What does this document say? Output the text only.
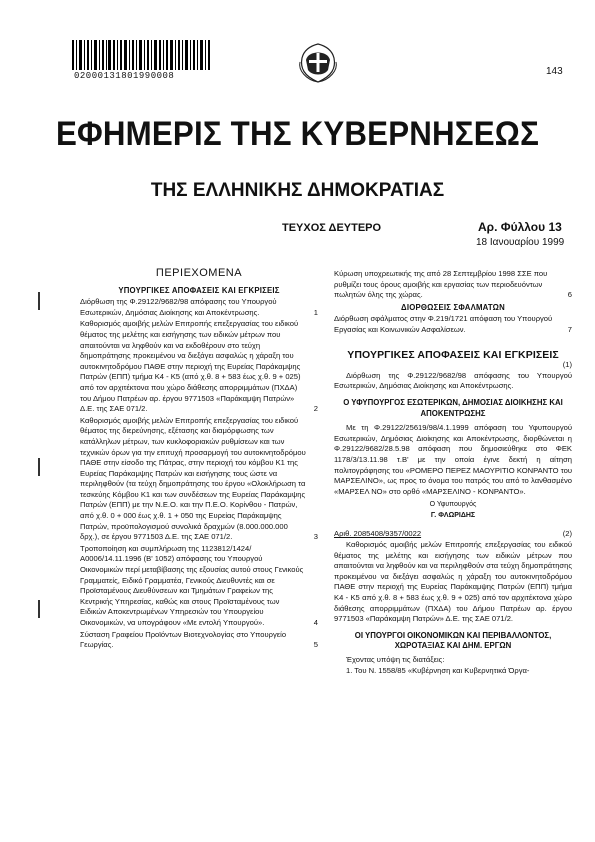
02000131801990008	143
ΕΦΗΜΕΡΙΣ ΤΗΣ ΚΥΒΕΡΝΗΣΕΩΣ
ΤΗΣ ΕΛΛΗΝΙΚΗΣ ΔΗΜΟΚΡΑΤΙΑΣ
ΤΕΥΧΟΣ ΔΕΥΤΕΡΟ	Αρ. Φύλλου 13
18 Ιανουαρίου 1999
ΠΕΡΙΕΧΟΜΕΝΑ
ΥΠΟΥΡΓΙΚΕΣ ΑΠΟΦΑΣΕΙΣ ΚΑΙ ΕΓΚΡΙΣΕΙΣ
Διόρθωση της Φ.29122/9682/98 απόφασης του Υπουργού Εσωτερικών, Δημόσιας Διοίκησης και Αποκέντρωσης.	1
Καθορισμός αμοιβής μελών Επιτροπής επεξεργασίας του ειδικού θέματος της μελέτης και εισήγησης των ειδικών μέτρων που απαιτούνται να ληφθούν και να εκδοθέρουν στο τεύχη δημοπράτησης προκειμένου να διεξάγει ασφαλώς η χάραξη του αυτοκινητοδρόμου ΠΑΘΕ στην περιοχή της Ευρείας Παράκαμψης Πατρών (ΕΠΠ) τμήμα Κ4 - Κ5 (από χ.θ. 8 + 583 έως χ.θ. 9 + 025) από τον αρχιτέκτονα που χώρο διάθεσης απορριμμάτων (ΠΧΔΑ) του Δήμου Πατρέων αρ. έργου 9771503 «Παράκαμψη Πατρών» Δ.Ε. της ΣΑΕ 071/2.	2
Καθορισμός αμοιβής μελών Επιτροπής επεξεργασίας του ειδικού θέματος της διερεύνησης, εξέτασης και διαμόρφωσης των κατάλληλων μέτρων, των κυκλοφοριακών ρυθμίσεων και των τεχνικών όρων για την επιτυχή προσαρμογή του αυτοκινητοδρόμου ΠΑΘΕ στην είσοδο της Πάτρας, στην περιοχή του κόμβου Κ1 της Ευρείας Παράκαμψης Πατρών και εισήγησης τους ώστε να περιληφθούν (τα τεύχη δημοπράτησης του έργου «Ολοκλήρωση τα τεσκεύης Κόμβου Κ1 και των συνδέσεων της Ευρείας Παράκαμψης Πατρών (ΕΠΠ) με την Ν.Ε.Ο. και την Π.Ε.Ο. Κορίνθου - Πατρών, από χ.θ. 0 + 000 έως χ.θ. 1 + 050 της Ευρείας Παράκαμψης Πατρών, προϋπολογισμού συνολικά δραχμών (8.000.000.000 δρχ.), σε έργου 9771503 Δ.Ε. της ΣΑΕ 071/2.	3
Τροποποίηση και συμπλήρωση της 1123812/1424/Α0006/14.11.1996 (Β' 1052) απόφασης του Υπουργού Οικονομικών περί μεταβίβασης της εξουσίας αυτού στους Γενικούς Γραμματείς, Ειδικό Γραμματέα, Γενικούς Διευθυντές και σε Προϊσταμένους Διευθύνσεων και Τμημάτων Γραφείων της Κεντρικής Υπηρεσίας, καθώς και στους Προϊσταμένους των Ειδικών Αποκεντρωμένων Υπηρεσιών του Υπουργείου Οικονομικών, να υπογράφουν «Με εντολή Υπουργού».	4
Σύσταση Γραφείου Προϊόντων Βιοτεχνολογίας στο Υπουργείο Γεωργίας.	5
Κύρωση υποχρεωτικής της από 28 Σεπτεμβρίου 1998 ΣΣΕ που ρυθμίζει τους όρους αμοιβής και εργασίας των περιοδευόντων πωλητών όλης της χώρας.	6
ΔΙΟΡΘΩΣΕΙΣ ΣΦΑΛΜΑΤΩΝ
Διόρθωση σφάλματος στην Φ.219/1721 απόφαση του Υπουργού Εργασίας και Κοινωνικών Ασφαλίσεων.	7
ΥΠΟΥΡΓΙΚΕΣ ΑΠΟΦΑΣΕΙΣ ΚΑΙ ΕΓΚΡΙΣΕΙΣ
(1)
Διόρθωση της Φ.29122/9682/98 απόφασης του Υπουργού Εσωτερικών, Δημόσιας Διοίκησης και Αποκέντρωσης.
Ο ΥΦΥΠΟΥΡΓΟΣ ΕΣΩΤΕΡΙΚΩΝ, ΔΗΜΟΣΙΑΣ ΔΙΟΙΚΗΣΗΣ ΚΑΙ ΑΠΟΚΕΝΤΡΩΣΗΣ
Με τη Φ.29122/25619/98/4.1.1999 απόφαση του Υφυπουργού Εσωτερικών, Δημόσιας Διοίκησης και Αποκέντρωσης, διορθώνεται η Φ.29122/9682/28.5.98 απόφαση που δημοσιεύθηκε στο ΦΕΚ 1178/3/13.11.98 τ.Β' με την οποία έγινε δεκτή η αίτηση πολιτογράφησης του «ΡΟΜΕΡΟ ΠΕΡΕΖ ΜΑΟΥΡΙΤΙΟ ΚΟΝΡΑΝΤΟ του ΜΑΡΣΕΛΙΝΟ», ως προς το όνομα του πατρός του από το λανθασμένο «ΜΑΡΣΕΛ ΝΟ» στο ορθό «ΜΑΡΣΕΛΙΝΟ - ΚΟΝΡΑΝΤΟ».
Ο Υφυπουργός
Γ. ΦΛΩΡΙΔΗΣ
Αριθ. 2085408/9357/0022	(2)
Καθορισμός αμοιβής μελών Επιτροπής επεξεργασίας του ειδικού θέματος της μελέτης και εισήγησης των ειδικών μέτρων που απαιτούνται να ληφθούν και να περιληφθούν στα τεύχη δημοπράτησης προκειμένου να διεξάγει ασφαλώς η χάραξη του αυτοκινητοδρόμου ΠΑΘΕ στην περιοχή της Ευρείας Παράκαμψης Πατρών (ΕΠΠ) τμήμα Κ4 - Κ5 από χ.θ. 8 + 583 έως χ.θ. 9 + 025) από τον αρχιτέκτονα χώρο διάθεσης απορριμμάτων (ΠΧΔΑ) του Δήμου Πατρέων αρ. έργου 9771503 «Παράκαμψη Πατρών» Δ.Ε. της ΣΑΕ 071/2.
ΟΙ ΥΠΟΥΡΓΟΙ ΟΙΚΟΝΟΜΙΚΩΝ ΚΑΙ ΠΕΡΙΒΑΛΛΟΝΤΟΣ, ΧΩΡΟΤΑΞΙΑΣ ΚΑΙ ΔΗΜ. ΕΡΓΩΝ
Έχοντας υπόψη τις διατάξεις:
1. Του Ν. 1558/85 «Κυβέρνηση και Κυβερνητικά Όργα-
